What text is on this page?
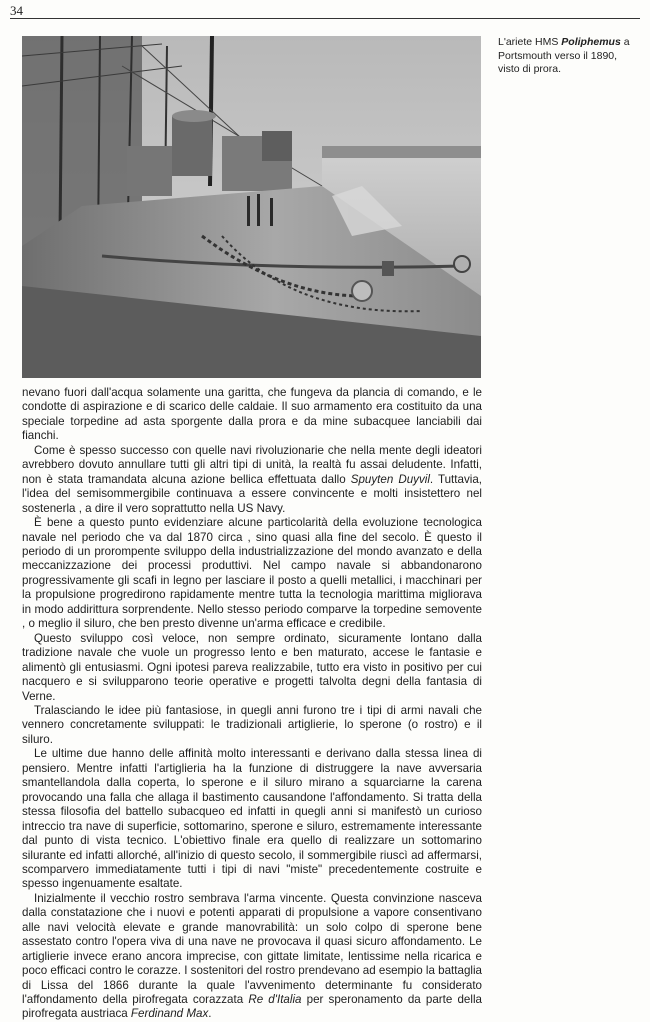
34
L'ariete HMS Poliphemus a Portsmouth verso il 1890, visto di prora.

nevano fuori dall'acqua solamente una garitta, che fungeva da plancia di comando, e le condotte di aspirazione e di scarico delle caldaie. Il suo armamento era costituito da una speciale torpedine ad asta sporgente dalla prora e da mine subacquee lanciabili dai fianchi.

Come è spesso successo con quelle navi rivoluzionarie che nella mente degli ideatori avrebbero dovuto annullare tutti gli altri tipi di unità, la realtà fu assai deludente. Infatti, non è stata tramandata alcuna azione bellica effettuata dallo Spuyten Duyvil. Tuttavia, l'idea del semisommergibile continuava a essere convincente e molti insistettero nel sostenerla , a dire il vero soprattutto nella US Navy.

È bene a questo punto evidenziare alcune particolarità della evoluzione tecnologica navale nel periodo che va dal 1870 circa , sino quasi alla fine del secolo. È questo il periodo di un prorompente sviluppo della industrializzazione del mondo avanzato e della meccanizzazione dei processi produttivi. Nel campo navale si abbandonarono progressivamente gli scafi in legno per lasciare il posto a quelli metallici, i macchinari per la propulsione progredirono rapidamente mentre tutta la tecnologia marittima migliorava in modo addirittura sorprendente. Nello stesso periodo comparve la torpedine semovente , o meglio il siluro, che ben presto divenne un'arma efficace e credibile.

Questo sviluppo così veloce, non sempre ordinato, sicuramente lontano dalla tradizione navale che vuole un progresso lento e ben maturato, accese le fantasie e alimentò gli entusiasmi. Ogni ipotesi pareva realizzabile, tutto era visto in positivo per cui nacquero e si svilupparono teorie operative e progetti talvolta degni della fantasia di Verne.

Tralasciando le idee più fantasiose, in quegli anni furono tre i tipi di armi navali che vennero concretamente sviluppati: le tradizionali artiglierie, lo sperone (o rostro) e il siluro.

Le ultime due hanno delle affinità molto interessanti e derivano dalla stessa linea di pensiero. Mentre infatti l'artiglieria ha la funzione di distruggere la nave avversaria smantellandola dalla coperta, lo sperone e il siluro mirano a squarciarne la carena provocando una falla che allaga il bastimento causandone l'affondamento. Si tratta della stessa filosofia del battello subacqueo ed infatti in quegli anni si manifestò un curioso intreccio tra nave di superficie, sottomarino, sperone e siluro, estremamente interessante dal punto di vista tecnico. L'obiettivo finale era quello di realizzare un sottomarino silurante ed infatti allorché, all'inizio di questo secolo, il sommergibile riuscì ad affermarsi, scomparvero immediatamente tutti i tipi di navi "miste" precedentemente costruite e spesso ingenuamente esaltate.

Inizialmente il vecchio rostro sembrava l'arma vincente. Questa convinzione nasceva dalla constatazione che i nuovi e potenti apparati di propulsione a vapore consentivano alle navi velocità elevate e grande manovrabilità: un solo colpo di sperone bene assestato contro l'opera viva di una nave ne provocava il quasi sicuro affondamento. Le artiglierie invece erano ancora imprecise, con gittate limitate, lentissime nella ricarica e poco efficaci contro le corazze. I sostenitori del rostro prendevano ad esempio la battaglia di Lissa del 1866 durante la quale l'avvenimento determinante fu considerato l'affondamento della pirofregata corazzata Re d'Italia per speronamento da parte della pirofregata austriaca Ferdinand Max.
